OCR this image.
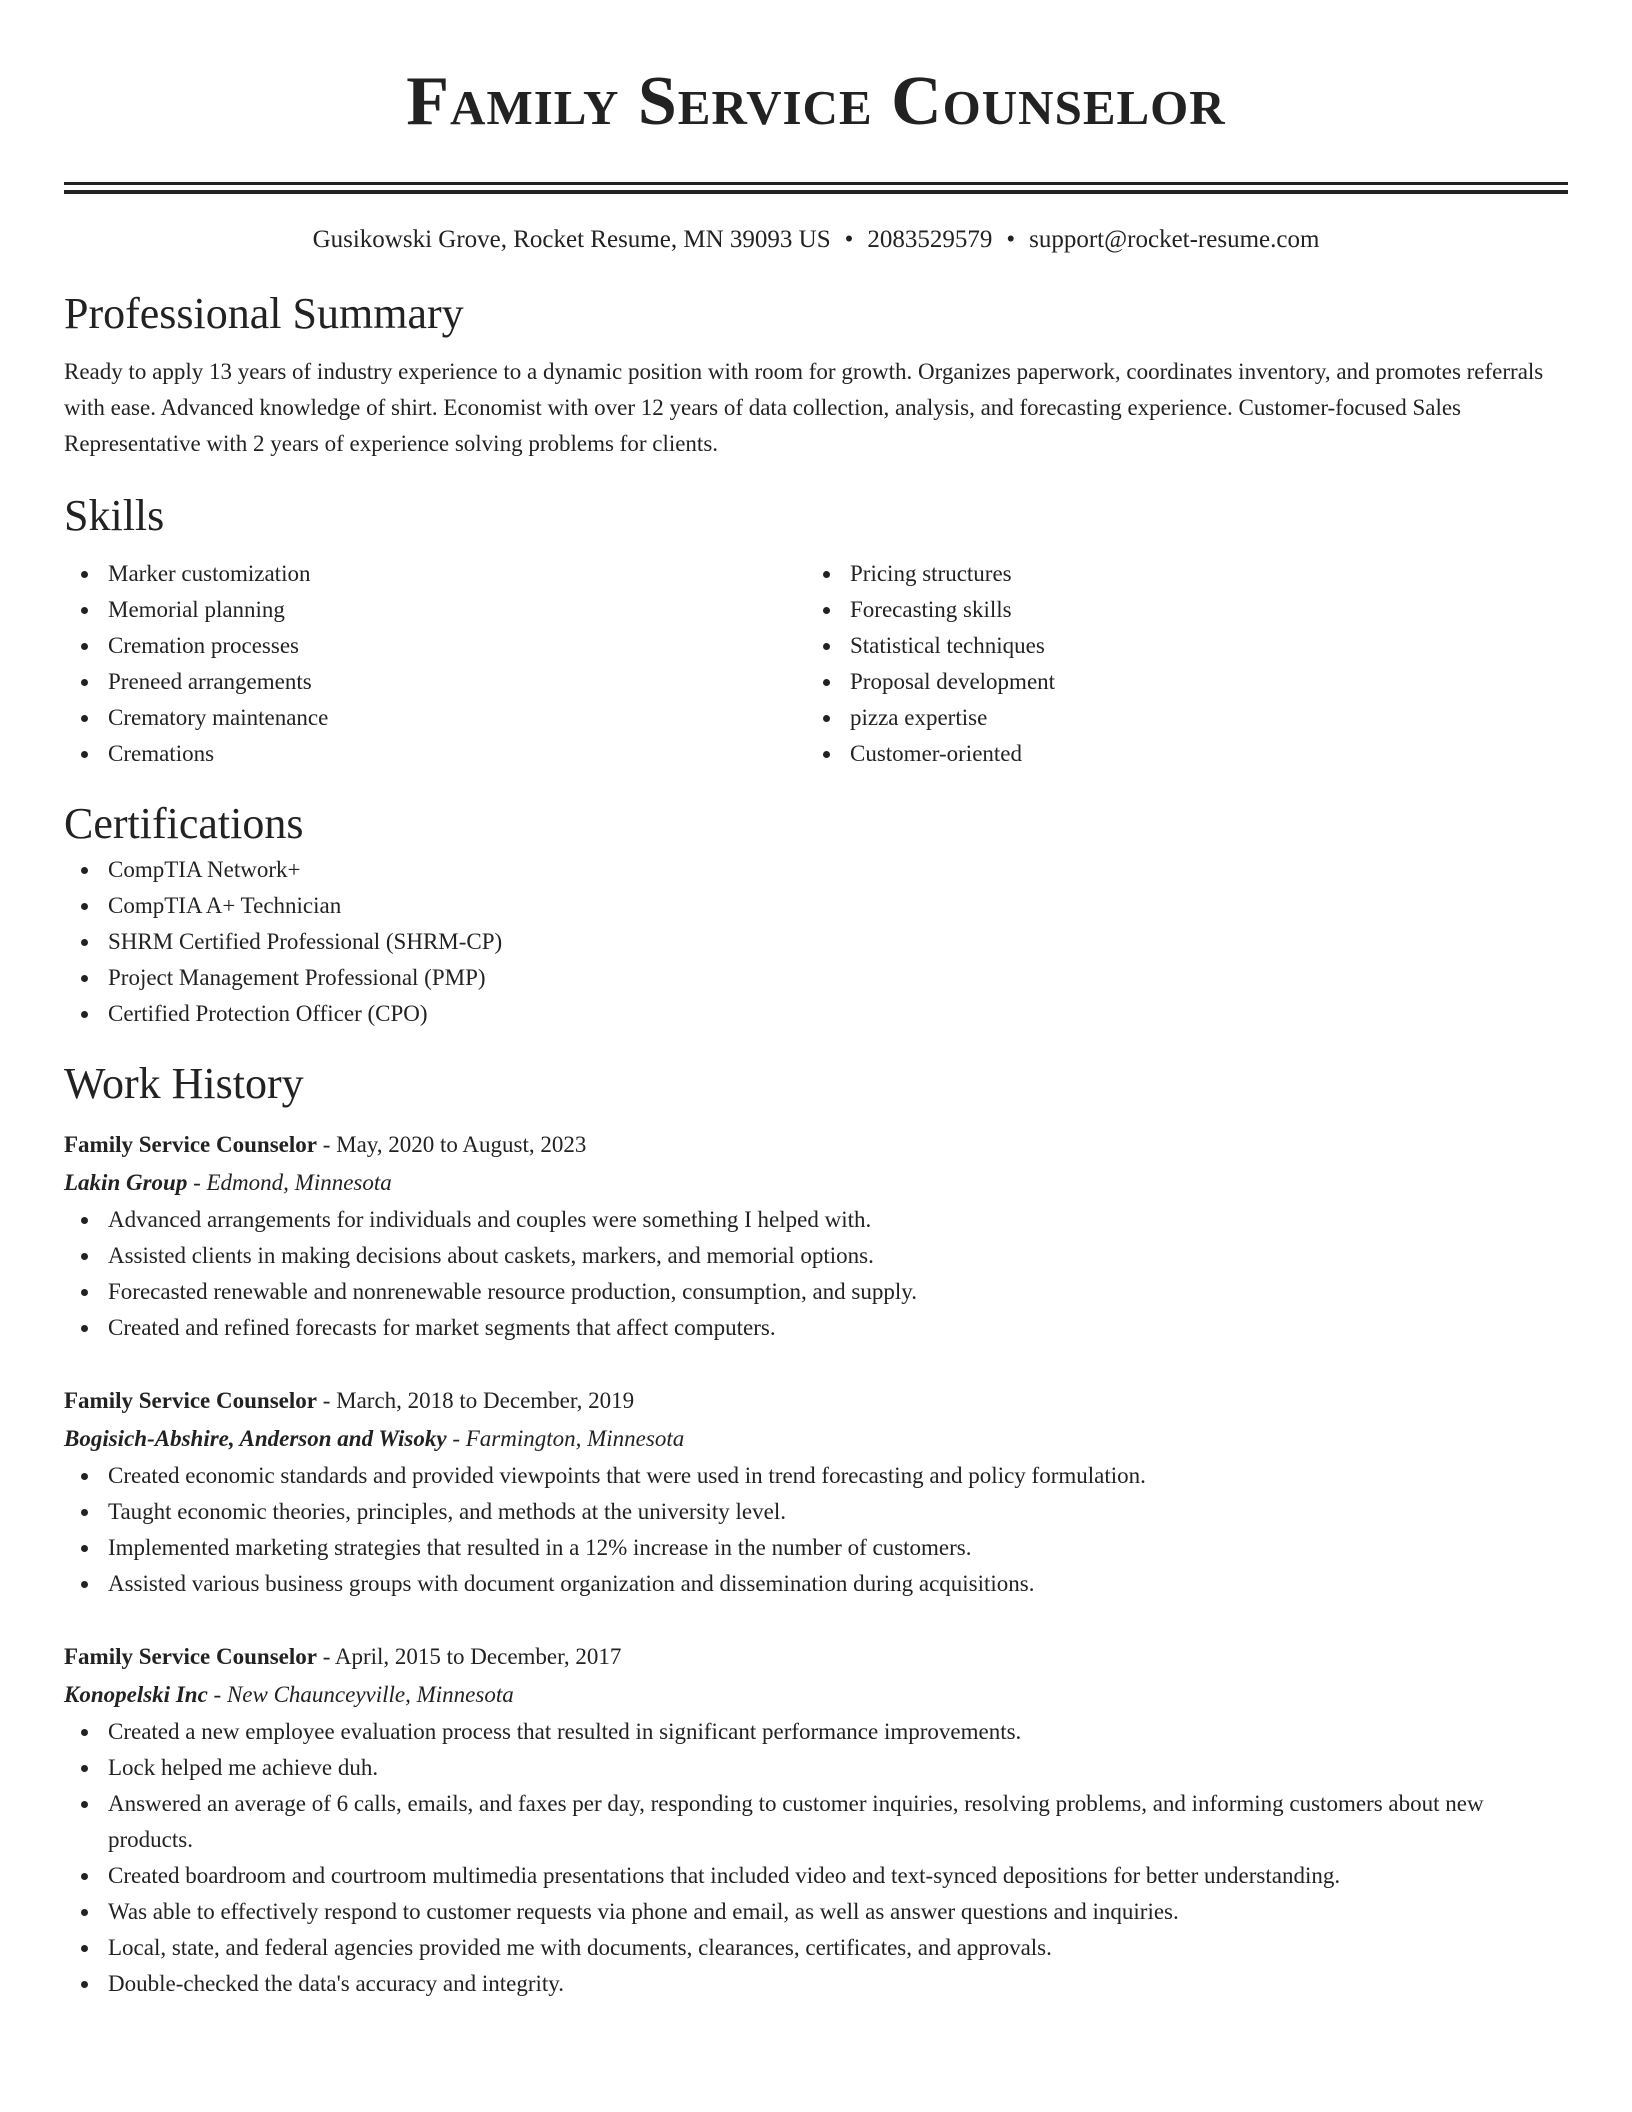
Family Service Counselor
Gusikowski Grove, Rocket Resume, MN 39093 US • 2083529579 • support@rocket-resume.com
Professional Summary
Ready to apply 13 years of industry experience to a dynamic position with room for growth. Organizes paperwork, coordinates inventory, and promotes referrals with ease. Advanced knowledge of shirt. Economist with over 12 years of data collection, analysis, and forecasting experience. Customer-focused Sales Representative with 2 years of experience solving problems for clients.
Skills
Marker customization
Memorial planning
Cremation processes
Preneed arrangements
Crematory maintenance
Cremations
Pricing structures
Forecasting skills
Statistical techniques
Proposal development
pizza expertise
Customer-oriented
Certifications
CompTIA Network+
CompTIA A+ Technician
SHRM Certified Professional (SHRM-CP)
Project Management Professional (PMP)
Certified Protection Officer (CPO)
Work History
Family Service Counselor - May, 2020 to August, 2023
Lakin Group - Edmond, Minnesota
Advanced arrangements for individuals and couples were something I helped with.
Assisted clients in making decisions about caskets, markers, and memorial options.
Forecasted renewable and nonrenewable resource production, consumption, and supply.
Created and refined forecasts for market segments that affect computers.
Family Service Counselor - March, 2018 to December, 2019
Bogisich-Abshire, Anderson and Wisoky - Farmington, Minnesota
Created economic standards and provided viewpoints that were used in trend forecasting and policy formulation.
Taught economic theories, principles, and methods at the university level.
Implemented marketing strategies that resulted in a 12% increase in the number of customers.
Assisted various business groups with document organization and dissemination during acquisitions.
Family Service Counselor - April, 2015 to December, 2017
Konopelski Inc - New Chaunceyville, Minnesota
Created a new employee evaluation process that resulted in significant performance improvements.
Lock helped me achieve duh.
Answered an average of 6 calls, emails, and faxes per day, responding to customer inquiries, resolving problems, and informing customers about new products.
Created boardroom and courtroom multimedia presentations that included video and text-synced depositions for better understanding.
Was able to effectively respond to customer requests via phone and email, as well as answer questions and inquiries.
Local, state, and federal agencies provided me with documents, clearances, certificates, and approvals.
Double-checked the data's accuracy and integrity.
